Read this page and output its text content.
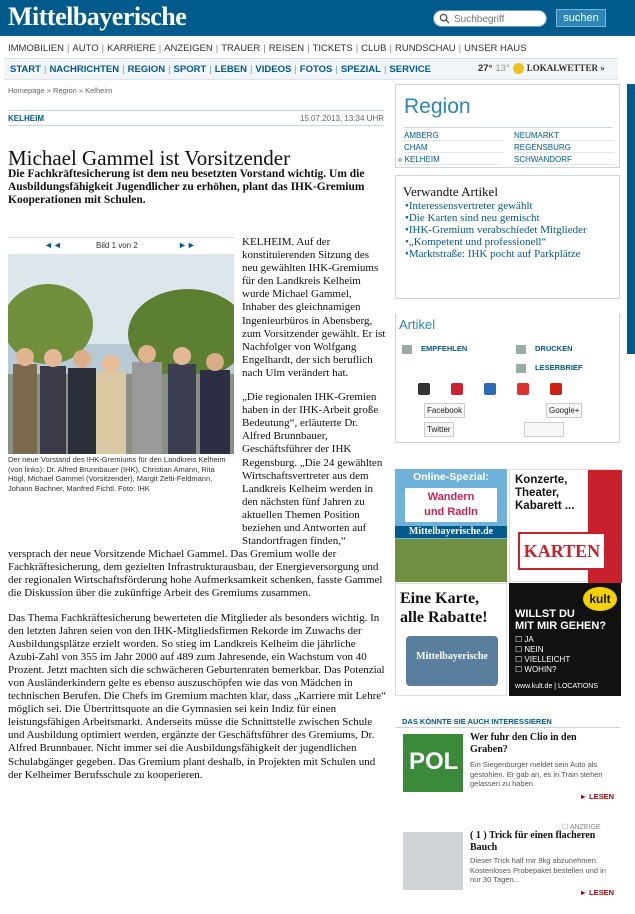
Mittelbayerische
Suchbegriff	suchen
IMMOBILIEN | AUTO | KARRIERE | ANZEIGEN | TRAUER | REISEN | TICKETS | CLUB | RUNDSCHAU | UNSER HAUS
START | NACHRICHTEN | REGION | SPORT | LEBEN | VIDEOS | FOTOS | SPEZIAL | SERVICE	27° 13° LOKALWETTER »
Homepage » Region » Kelheim
KELHEIM	15.07.2013, 13:34 UHR
Michael Gammel ist Vorsitzender
Die Fachkräftesicherung ist dem neu besetzten Vorstand wichtig. Um die Ausbildungsfähigkeit Jugendlicher zu erhöhen, plant das IHK-Gremium Kooperationen mit Schulen.

KELHEIM. Auf der konstituierenden Sitzung des neu gewählten IHK-Gremiums für den Landkreis Kelheim wurde Michael Gammel, Inhaber des gleichnamigen Ingenieurbüros in Abensberg, zum Vorsitzender gewählt. Er ist Nachfolger von Wolfgang Engelhardt, der sich beruflich nach Ulm verändert hat.

„Die regionalen IHK-Gremien haben in der IHK-Arbeit große Bedeutung“, erläuterte Dr. Alfred Brunnbauer, Geschäftsführer der IHK Regensburg. „Die 24 gewählten Wirtschaftsvertreter aus dem Landkreis Kelheim werden in den nächsten fünf Jahren zu aktuellen Themen Position beziehen und Antworten auf Standortfragen finden,“ versprach der neue Vorsitzende Michael Gammel. Das Gremium wolle der Fachkräftesicherung, dem gezielten Infrastrukturausbau, der Energieversorgung und der regionalen Wirtschaftsförderung hohe Aufmerksamkeit schenken, fasste Gammel die Diskussion über die zukünftige Arbeit des Gremiums zusammen.

Das Thema Fachkräftesicherung bewerteten die Mitglieder als besonders wichtig. In den letzten Jahren seien von den IHK-Mitgliedsfirmen Rekorde im Zuwachs der Ausbildungsplätze erzielt worden. So stieg im Landkreis Kelheim die jährliche Azubi-Zahl von 355 im Jahr 2000 auf 489 zum Jahresende, ein Wachstum von 40 Prozent. Jetzt machten sich die schwächeren Geburtenraten bemerkbar. Das Potenzial von Ausländerkindern gelte es ebenso auszuschöpfen wie das von Mädchen in technischen Berufen. Die Chefs im Gremium machten klar, dass „Karriere mit Lehre“ möglich sei. Die Übertrittsquote an die Gymnasien sei kein Indiz für einen leistungsfähigen Arbeitsmarkt. Anderseits müsse die Schnittstelle zwischen Schule und Ausbildung optimiert werden, ergänzte der Geschäftsführer des Gremiums, Dr. Alfred Brunnbauer. Nicht immer sei die Ausbildungsfähigkeit der jugendlichen Schulabgänger gegeben. Das Gremium plant deshalb, in Projekten mit Schulen und der Kelheimer Berufsschule zu kooperieren.

◄◄	Bild 1 von 2	►►
Der neue Vorstand des IHK-Gremiums für den Landkreis Kelheim (von links): Dr. Alfred Brunnbauer (IHK), Christian Amann, Rita Högl, Michael Gammel (Vorsitzender), Margit Zetti-Feldmann, Johann Bachner, Manfred Fichtl. Foto: IHK
Region
AMBERG	NEUMARKT
CHAM	REGENSBURG
» KELHEIM	SCHWANDORF
Verwandte Artikel
• Interessensvertreter gewählt
• Die Karten sind neu gemischt
• IHK-Gremium verabschiedet Mitglieder
• „Kompetent und professionell“
• Marktstraße: IHK pocht auf Parkplätze
Artikel
EMPFEHLEN	DRUCKEN
LESERBRIEF
Facebook	Google+
Twitter
Online-Spezial:
Wandern
und Radln
Mittelbayerische.de
Konzerte,
Theater,
Kabarett ...
KARTEN
Eine Karte,
alle Rabatte!
Mittelbayerische
kult
WILLST DU
MIT MIR GEHEN?
☐ JA
☐ NEIN
☐ VIELLEICHT
☐ WOHIN?
www.kult.de | LOCATIONS
DAS KÖNNTE SIE AUCH INTERESSIEREN
POL
Wer fuhr den Clio in den Graben?
Ein Siegenburger meldet sein Auto als gestohlen. Er gab an, es in Train stehen gelassen zu haben.
► LESEN
☐ ANZEIGE
( 1 ) Trick für einen flacheren Bauch
Dieser Trick half mir 9kg abzunehmen. Kostenloses Probepaket bestellen und in nur 30 Tagen...
► LESEN
